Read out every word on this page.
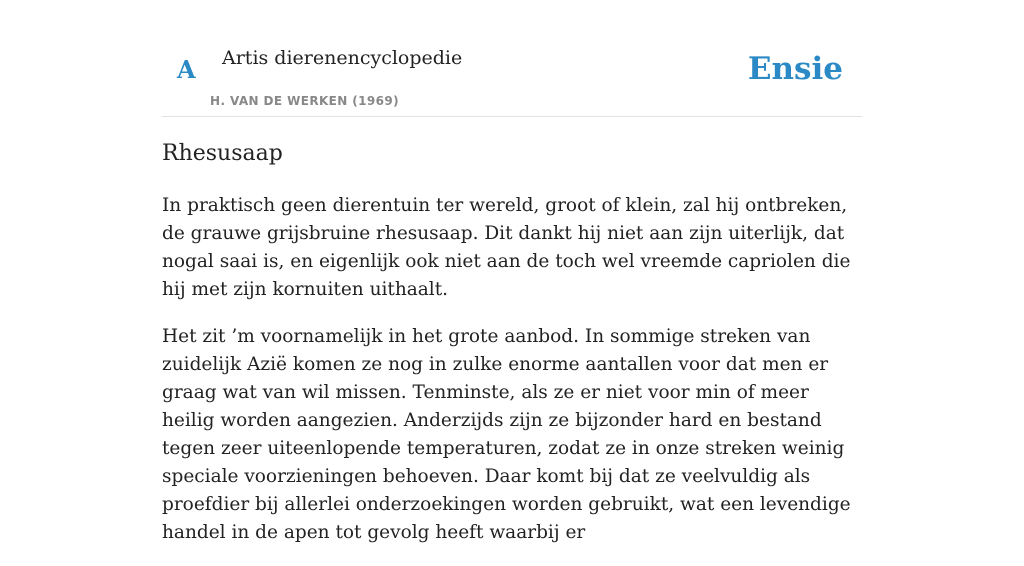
A Artis dierenencyclopedie
H. VAN DE WERKEN (1969)
Ensie
Rhesusaap

In praktisch geen dierentuin ter wereld, groot of klein, zal hij ontbreken, de grauwe grijsbruine rhesusaap. Dit dankt hij niet aan zijn uiterlijk, dat nogal saai is, en eigenlijk ook niet aan de toch wel vreemde capriolen die hij met zijn kornuiten uithaalt.

Het zit ’m voornamelijk in het grote aanbod. In sommige streken van zuidelijk Azië komen ze nog in zulke enorme aantallen voor dat men er graag wat van wil missen. Tenminste, als ze er niet voor min of meer heilig worden aangezien. Anderzijds zijn ze bijzonder hard en bestand tegen zeer uiteenlopende temperaturen, zodat ze in onze streken weinig speciale voorzieningen behoeven. Daar komt bij dat ze veelvuldig als proefdier bij allerlei onderzoekingen worden gebruikt, wat een levendige handel in de apen tot gevolg heeft waarbij er
